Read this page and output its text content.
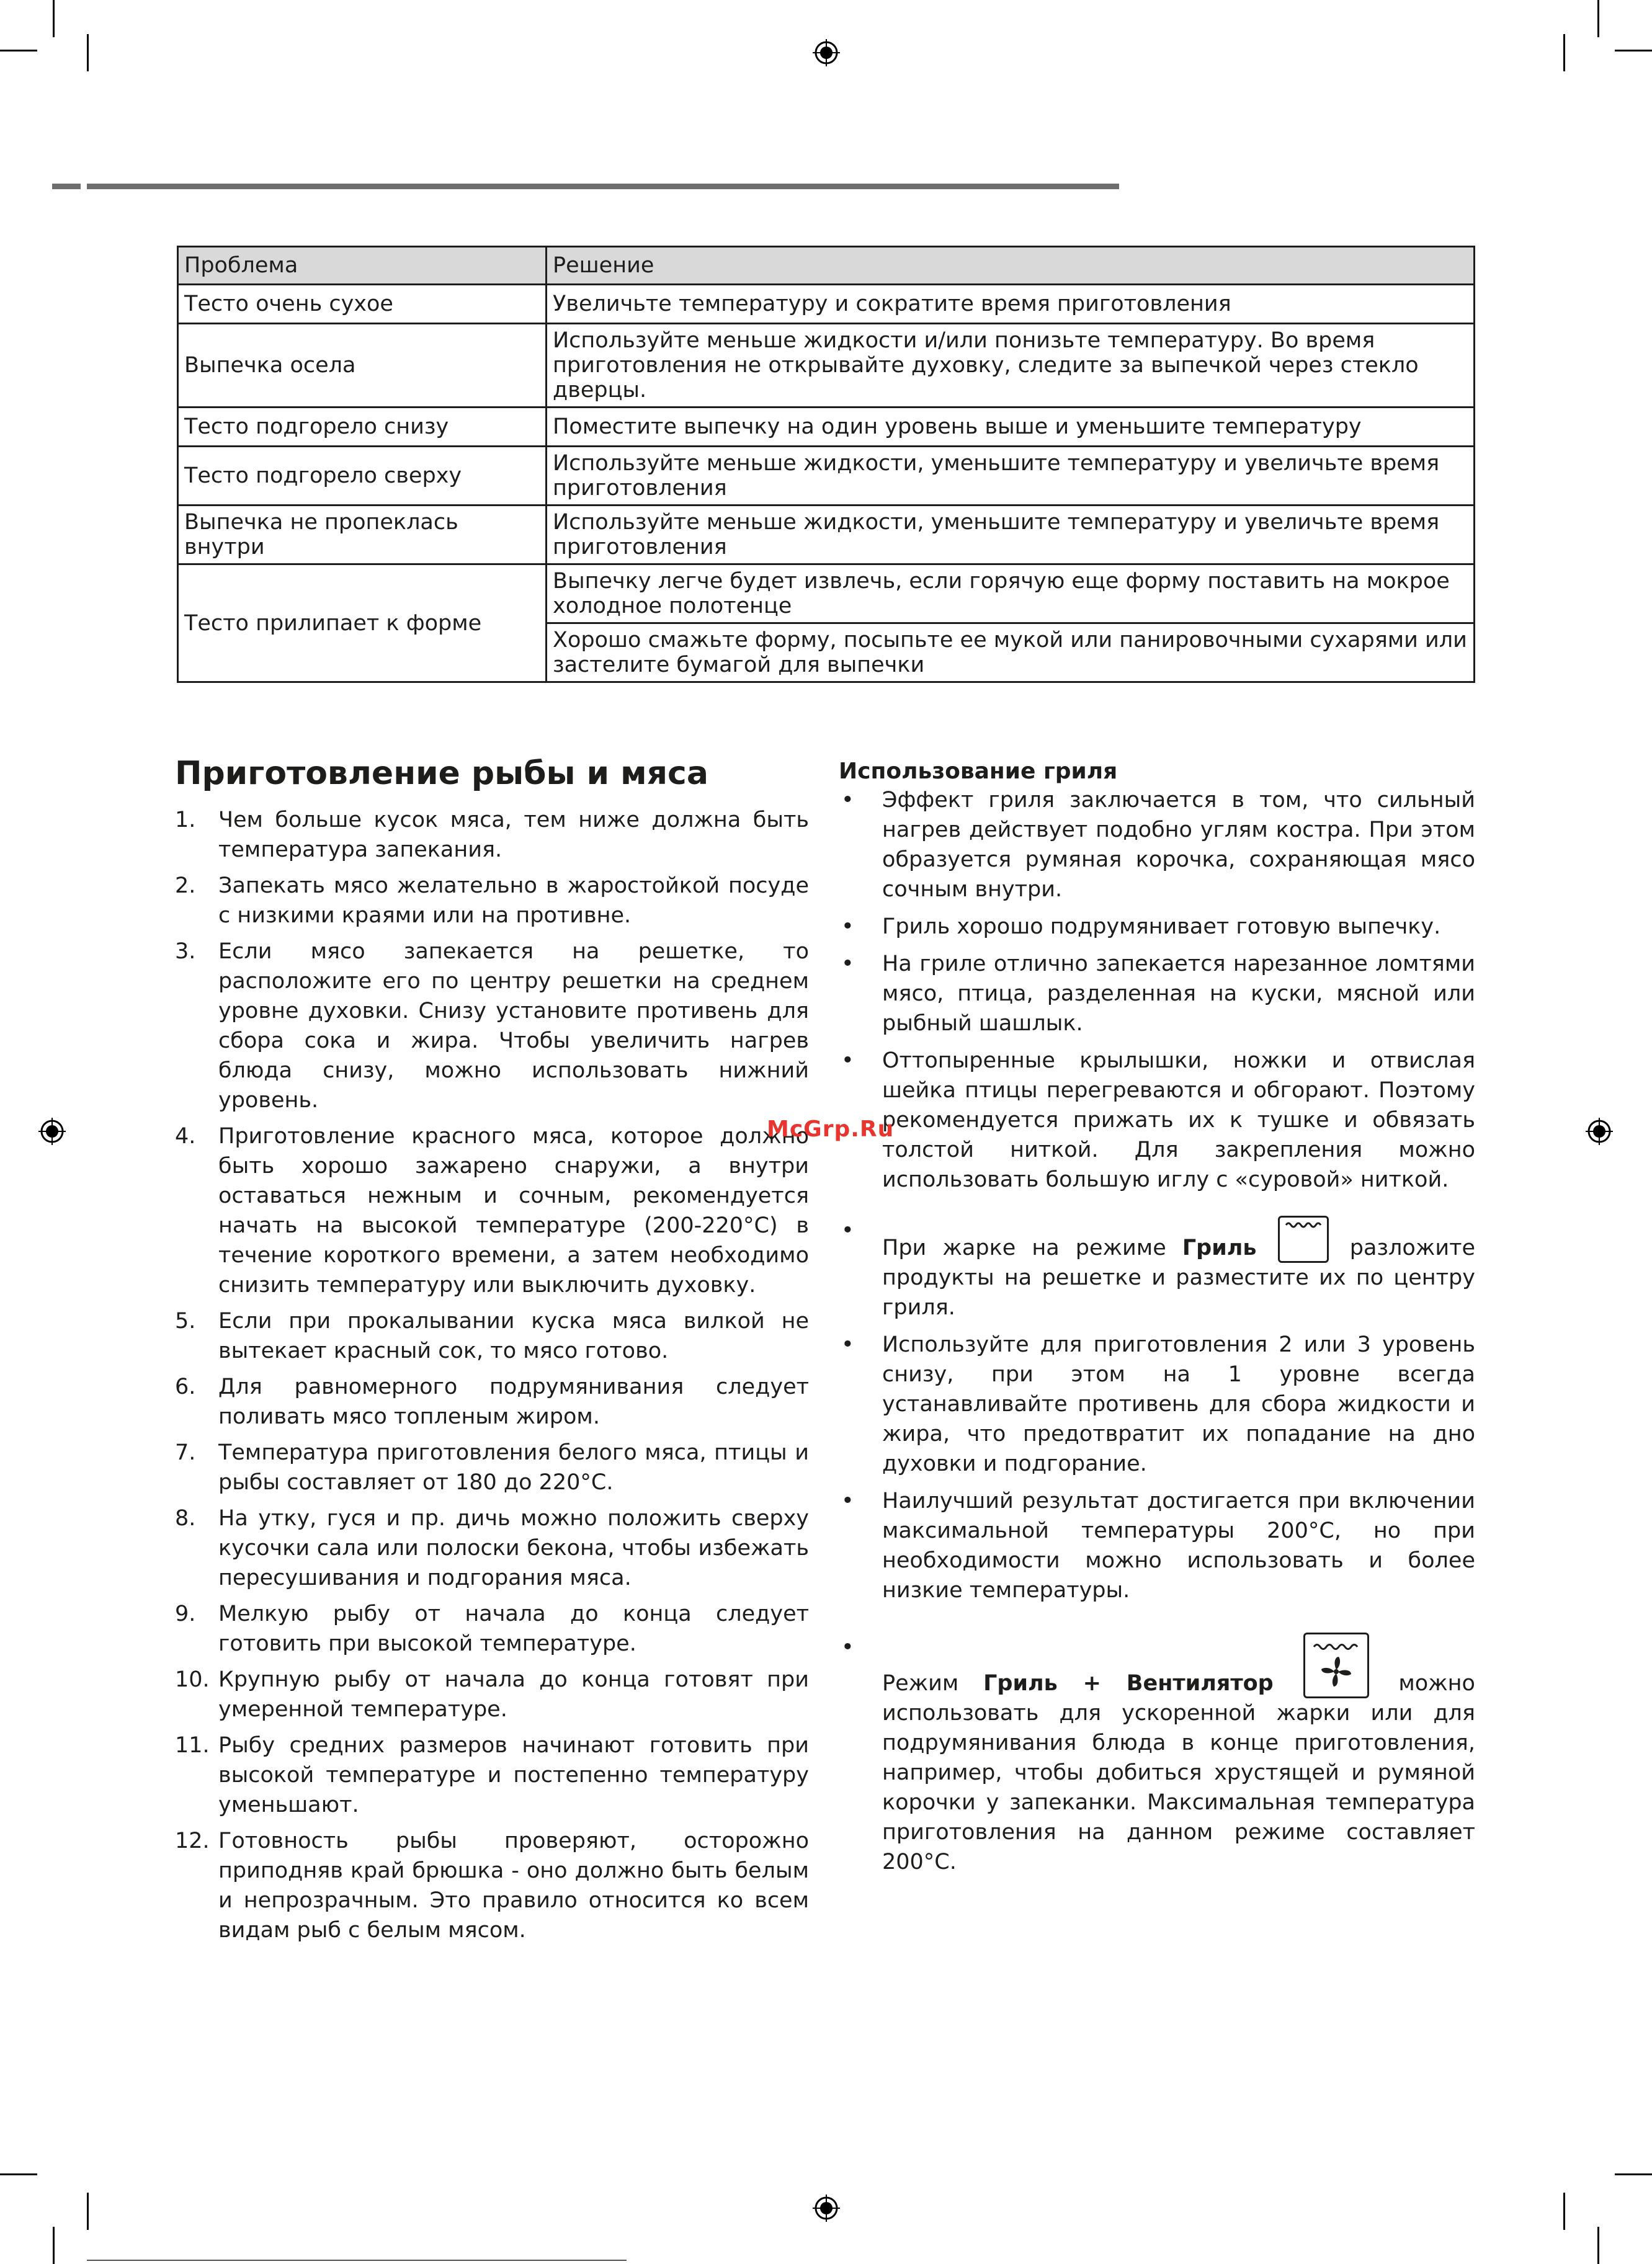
Проблема	Решение
Тесто очень сухое	Увеличьте температуру и сократите время приготовления
Выпечка осела	Используйте меньше жидкости и/или понизьте температуру. Во время приготовления не открывайте духовку, следите за выпечкой через стекло дверцы.
Тесто подгорело снизу	Поместите выпечку на один уровень выше и уменьшите температуру
Тесто подгорело сверху	Используйте меньше жидкости, уменьшите температуру и увеличьте время приготовления
Выпечка не пропеклась внутри	Используйте меньше жидкости, уменьшите температуру и увеличьте время приготовления
Тесто прилипает к форме	Выпечку легче будет извлечь, если горячую еще форму поставить на мокрое холодное полотенце
	Хорошо смажьте форму, посыпьте ее мукой или панировочными сухарями или застелите бумагой для выпечки
Приготовление рыбы и мяса
1. Чем больше кусок мяса, тем ниже должна быть температура запекания.
2. Запекать мясо желательно в жаростойкой посуде с низкими краями или на противне.
3. Если мясо запекается на решетке, то расположите его по центру решетки на среднем уровне духовки. Снизу установите противень для сбора сока и жира. Чтобы увеличить нагрев блюда снизу, можно использовать нижний уровень.
4. Приготовление красного мяса, которое должно быть хорошо зажарено снаружи, а внутри оставаться нежным и сочным, рекомендуется начать на высокой температуре (200-220°C) в течение короткого времени, а затем необходимо снизить температуру или выключить духовку.
5. Если при прокалывании куска мяса вилкой не вытекает красный сок, то мясо готово.
6. Для равномерного подрумянивания следует поливать мясо топленым жиром.
7. Температура приготовления белого мяса, птицы и рыбы составляет от 180 до 220°C.
8. На утку, гуся и пр. дичь можно положить сверху кусочки сала или полоски бекона, чтобы избежать пересушивания и подгорания мяса.
9. Мелкую рыбу от начала до конца следует готовить при высокой температуре.
10. Крупную рыбу от начала до конца готовят при умеренной температуре.
11. Рыбу средних размеров начинают готовить при высокой температуре и постепенно температуру уменьшают.
12. Готовность рыбы проверяют, осторожно приподняв край брюшка - оно должно быть белым и непрозрачным. Это правило относится ко всем видам рыб с белым мясом.
Использование гриля
• Эффект гриля заключается в том, что сильный нагрев действует подобно углям костра. При этом образуется румяная корочка, сохраняющая мясо сочным внутри.
• Гриль хорошо подрумянивает готовую выпечку.
• На гриле отлично запекается нарезанное ломтями мясо, птица, разделенная на куски, мясной или рыбный шашлык.
• Оттопыренные крылышки, ножки и отвислая шейка птицы перегреваются и обгорают. Поэтому рекомендуется прижать их к тушке и обвязать толстой ниткой. Для закрепления можно использовать большую иглу с «суровой» ниткой.
•
При жарке на режиме Гриль	разложите продукты на решетке и разместите их по центру гриля.
• Используйте для приготовления 2 или 3 уровень снизу, при этом на 1 уровне всегда устанавливайте противень для сбора жидкости и жира, что предотвратит их попадание на дно духовки и подгорание.
• Наилучший результат достигается при включении максимальной температуры 200°C, но при необходимости можно использовать и более низкие температуры.
•
Режим Гриль + Вентилятор	можно использовать для ускоренной жарки или для подрумянивания блюда в конце приготовления, например, чтобы добиться хрустящей и румяной корочки у запеканки. Максимальная температура приготовления на данном режиме составляет 200°C.
McGrp.Ru
